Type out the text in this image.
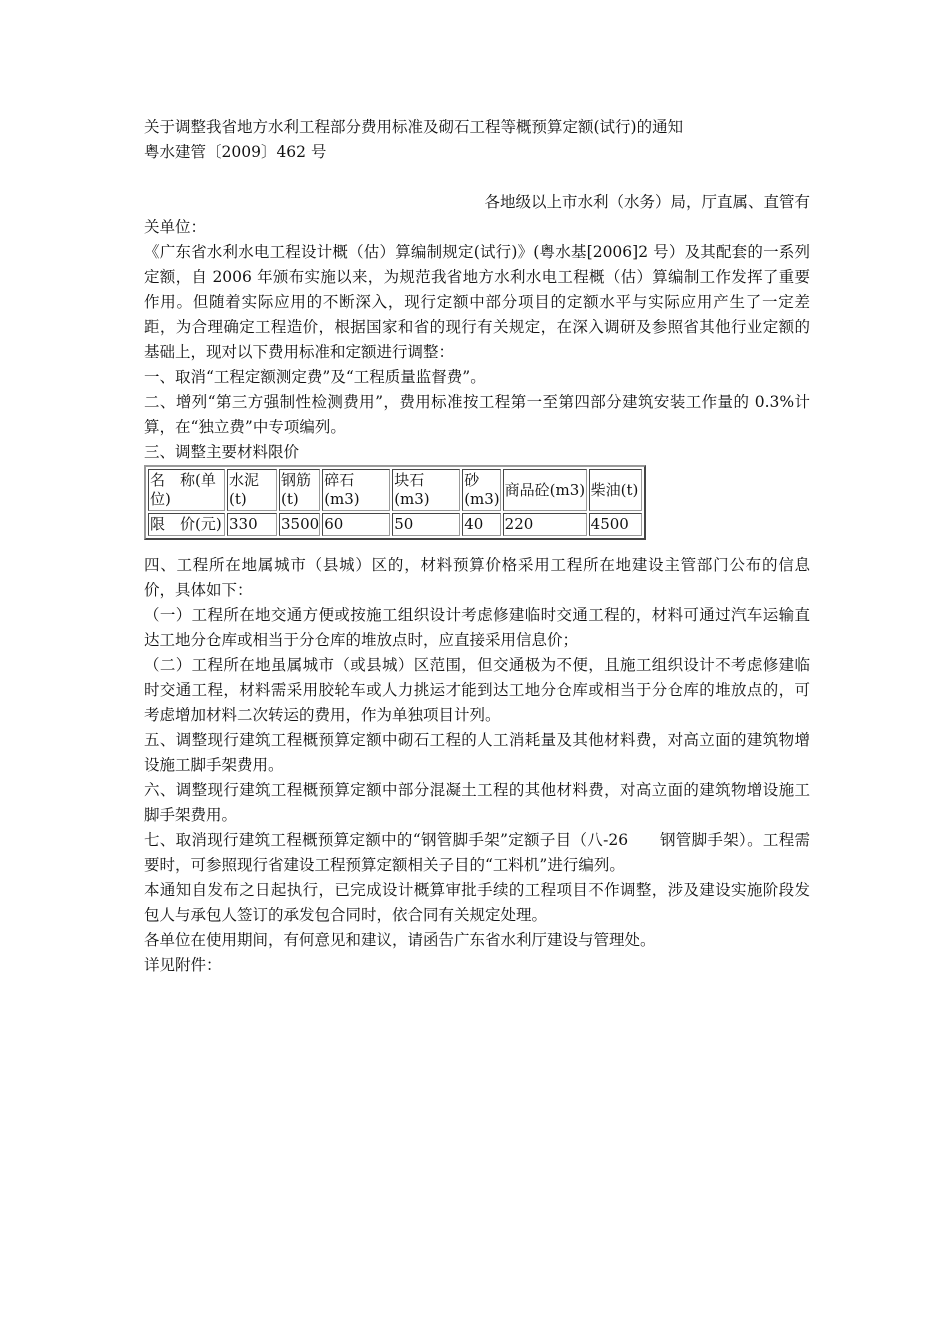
关于调整我省地方水利工程部分费用标准及砌石工程等概预算定额(试行)的通知
粤水建管〔2009〕462 号
各地级以上市水利（水务）局，厅直属、直管有
关单位：
《广东省水利水电工程设计概（估）算编制规定(试行)》(粤水基[2006]2 号）及其配套的一系列定额，自 2006 年颁布实施以来，为规范我省地方水利水电工程概（估）算编制工作发挥了重要作用。但随着实际应用的不断深入，现行定额中部分项目的定额水平与实际应用产生了一定差距，为合理确定工程造价，根据国家和省的现行有关规定，在深入调研及参照省其他行业定额的基础上，现对以下费用标准和定额进行调整：
一、取消“工程定额测定费”及“工程质量监督费”。
二、增列“第三方强制性检测费用”，费用标准按工程第一至第四部分建筑安装工作量的 0.3%计算，在“独立费”中专项编列。
三、调整主要材料限价
名　称(单位)	水泥(t)	钢筋(t)	碎石(m3)	块石(m3)	砂(m3)	商品砼(m3)	柴油(t)
限　价(元)	330	3500	60	50	40	220	4500
四、工程所在地属城市（县城）区的，材料预算价格采用工程所在地建设主管部门公布的信息价，具体如下：
（一）工程所在地交通方便或按施工组织设计考虑修建临时交通工程的，材料可通过汽车运输直达工地分仓库或相当于分仓库的堆放点时，应直接采用信息价；
（二）工程所在地虽属城市（或县城）区范围，但交通极为不便，且施工组织设计不考虑修建临时交通工程，材料需采用胶轮车或人力挑运才能到达工地分仓库或相当于分仓库的堆放点的，可考虑增加材料二次转运的费用，作为单独项目计列。
五、调整现行建筑工程概预算定额中砌石工程的人工消耗量及其他材料费，对高立面的建筑物增设施工脚手架费用。
六、调整现行建筑工程概预算定额中部分混凝土工程的其他材料费，对高立面的建筑物增设施工脚手架费用。
七、取消现行建筑工程概预算定额中的“钢管脚手架”定额子目（八-26　　钢管脚手架）。工程需要时，可参照现行省建设工程预算定额相关子目的“工料机”进行编列。
本通知自发布之日起执行，已完成设计概算审批手续的工程项目不作调整，涉及建设实施阶段发包人与承包人签订的承发包合同时，依合同有关规定处理。
各单位在使用期间，有何意见和建议，请函告广东省水利厅建设与管理处。
详见附件：
